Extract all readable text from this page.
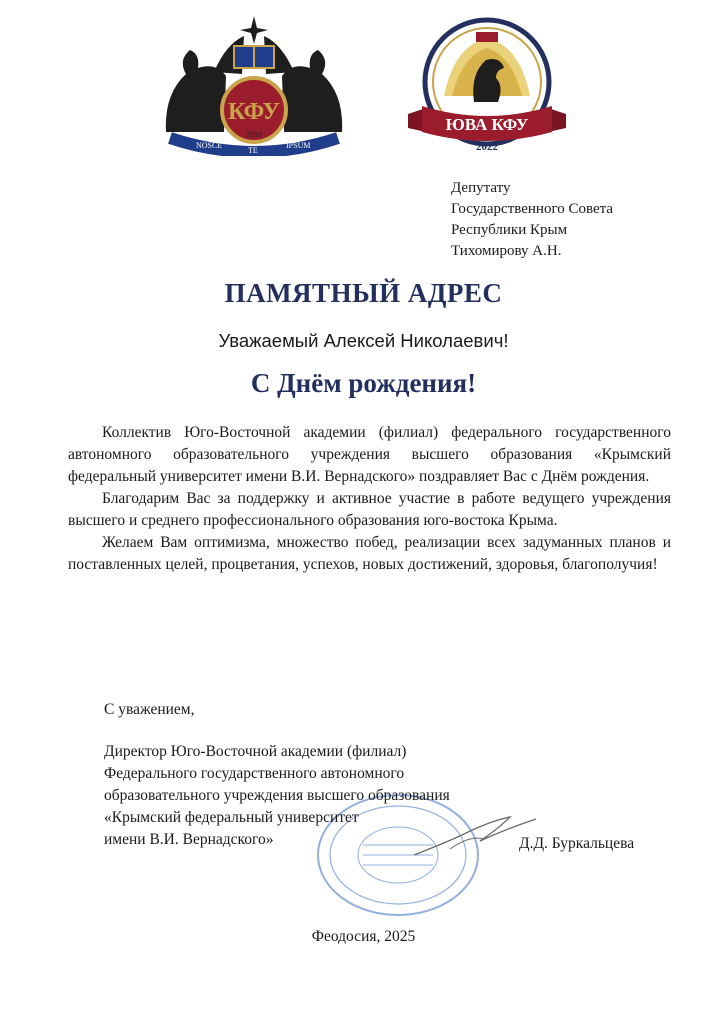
КФУ
1918
NOSCE
TE
IPSUM
ЮВА КФУ
2022
Депутату
Государственного Совета
Республики Крым
Тихомирову А.Н.
ПАМЯТНЫЙ АДРЕС
Уважаемый Алексей Николаевич!
С Днём рождения!

Коллектив Юго-Восточной академии (филиал) федерального государственного автономного образовательного учреждения высшего образования «Крымский федеральный университет имени В.И. Вернадского» поздравляет Вас с Днём рождения.

Благодарим Вас за поддержку и активное участие в работе ведущего учреждения высшего и среднего профессионального образования юго-востока Крыма.

Желаем Вам оптимизма, множество побед, реализации всех задуманных планов и поставленных целей, процветания, успехов, новых достижений, здоровья, благополучия!

С уважением,
Директор Юго-Восточной академии (филиал)
Федерального государственного автономного
образовательного учреждения высшего образования
«Крымский федеральный университет
имени В.И. Вернадского»	Д.Д. Буркальцева
Феодосия, 2025
